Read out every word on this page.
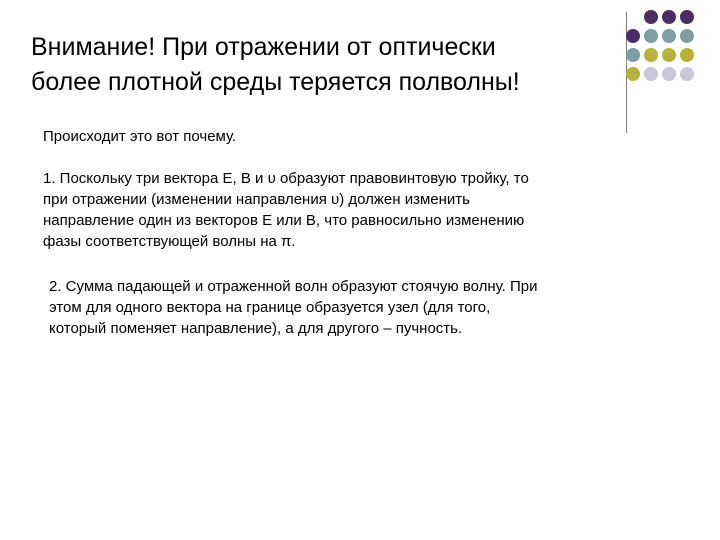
Внимание! При отражении от оптически
более плотной среды теряется полволны!
Происходит это вот почему.
1. Поскольку три вектора E, B и υ образуют правовинтовую тройку, то
при отражении (изменении направления υ) должен изменить
направление один из векторов E или B, что равносильно изменению
фазы соответствующей волны на π.
2. Сумма падающей и отраженной волн образуют стоячую волну. При
этом для одного вектора на границе образуется узел (для того,
который поменяет направление), а для другого – пучность.
